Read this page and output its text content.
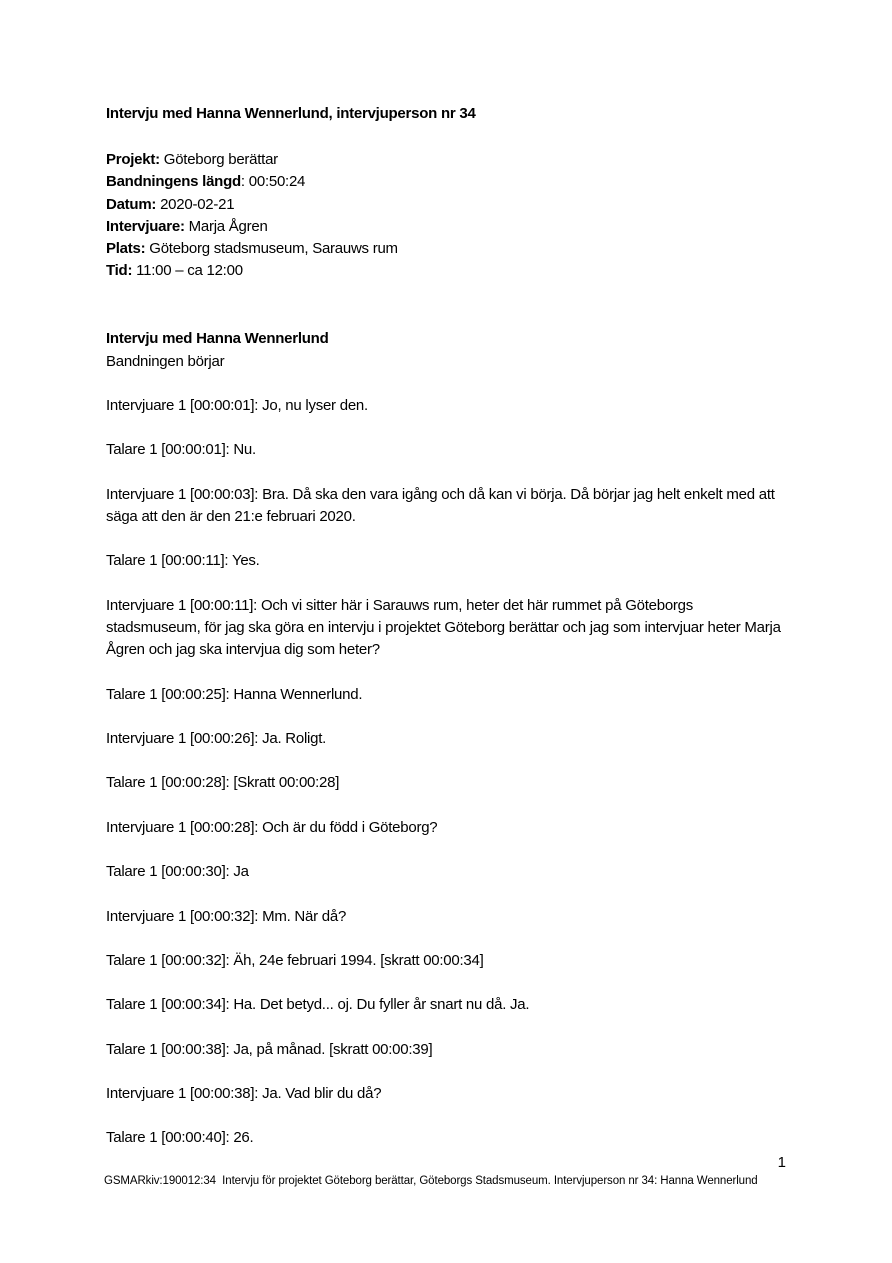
Intervju med Hanna Wennerlund, intervjuperson nr 34

Projekt: Göteborg berättar

Bandningens längd: 00:50:24

Datum: 2020-02-21

Intervjuare: Marja Ågren

Plats: Göteborg stadsmuseum, Sarauws rum

Tid: 11:00 – ca 12:00

Intervju med Hanna Wennerlund

Bandningen börjar

Intervjuare 1 [00:00:01]: Jo, nu lyser den.

Talare 1 [00:00:01]: Nu.

Intervjuare 1 [00:00:03]: Bra. Då ska den vara igång och då kan vi börja. Då börjar jag helt enkelt med att säga att den är den 21:e februari 2020.

Talare 1 [00:00:11]: Yes.

Intervjuare 1 [00:00:11]: Och vi sitter här i Sarauws rum, heter det här rummet på Göteborgs stadsmuseum, för jag ska göra en intervju i projektet Göteborg berättar och jag som intervjuar heter Marja Ågren och jag ska intervjua dig som heter?

Talare 1 [00:00:25]: Hanna Wennerlund.

Intervjuare 1 [00:00:26]: Ja. Roligt.

Talare 1 [00:00:28]: [Skratt 00:00:28]

Intervjuare 1 [00:00:28]: Och är du född i Göteborg?

Talare 1 [00:00:30]: Ja

Intervjuare 1 [00:00:32]: Mm. När då?

Talare 1 [00:00:32]: Äh, 24e februari 1994. [skratt 00:00:34]

Talare 1 [00:00:34]: Ha. Det betyd... oj. Du fyller år snart nu då. Ja.

Talare 1 [00:00:38]: Ja, på månad. [skratt 00:00:39]

Intervjuare 1 [00:00:38]: Ja. Vad blir du då?

Talare 1 [00:00:40]: 26.

1
GSMARkiv:190012:34  Intervju för projektet Göteborg berättar, Göteborgs Stadsmuseum. Intervjuperson nr 34: Hanna Wennerlund
